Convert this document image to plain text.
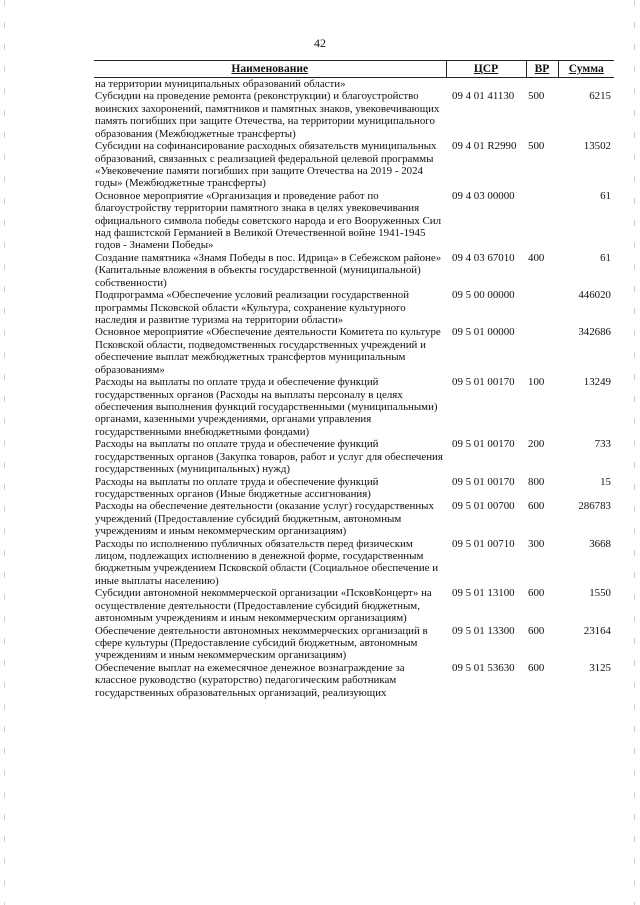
42
Наименование	ЦСР	ВР	Сумма
на территории муниципальных образований области»			
Субсидии на проведение ремонта (реконструкции) и благоустройство воинских захоронений, памятников и памятных знаков, увековечивающих память погибших при защите Отечества, на территории муниципального образования (Межбюджетные трансферты)	09 4 01 41130	500	6215
Субсидии на софинансирование расходных обязательств муниципальных образований, связанных с реализацией федеральной целевой программы «Увековечение памяти погибших при защите Отечества на 2019 - 2024 годы» (Межбюджетные трансферты)	09 4 01 R2990	500	13502
Основное мероприятие «Организация и проведение работ по благоустройству территории памятного знака в целях увековечивания официального символа победы советского народа и его Вооруженных Сил над фашистской Германией в Великой Отечественной войне 1941-1945 годов - Знамени Победы»	09 4 03 00000		61
Создание памятника «Знамя Победы в пос. Идрица» в Себежском районе» (Капитальные вложения в объекты государственной (муниципальной) собственности)	09 4 03 67010	400	61
Подпрограмма «Обеспечение условий реализации государственной программы Псковской области «Культура, сохранение культурного наследия и развитие туризма на территории области»	09 5 00 00000		446020
Основное мероприятие «Обеспечение деятельности Комитета по культуре Псковской области, подведомственных государственных учреждений и обеспечение выплат межбюджетных трансфертов муниципальным образованиям»	09 5 01 00000		342686
Расходы на выплаты по оплате труда и обеспечение функций государственных органов (Расходы на выплаты персоналу в целях обеспечения выполнения функций государственными (муниципальными) органами, казенными учреждениями, органами управления государственными внебюджетными фондами)	09 5 01 00170	100	13249
Расходы на выплаты по оплате труда и обеспечение функций государственных органов (Закупка товаров, работ и услуг для обеспечения государственных (муниципальных) нужд)	09 5 01 00170	200	733
Расходы на выплаты по оплате труда и обеспечение функций государственных органов (Иные бюджетные ассигнования)	09 5 01 00170	800	15
Расходы на обеспечение деятельности (оказание услуг) государственных учреждений (Предоставление субсидий бюджетным, автономным учреждениям и иным некоммерческим организациям)	09 5 01 00700	600	286783
Расходы по исполнению публичных обязательств перед физическим лицом, подлежащих исполнению в денежной форме, государственным бюджетным учреждением Псковской области (Социальное обеспечение и иные выплаты населению)	09 5 01 00710	300	3668
Субсидии автономной некоммерческой организации «ПсковКонцерт» на осуществление деятельности (Предоставление субсидий бюджетным, автономным учреждениям и иным некоммерческим организациям)	09 5 01 13100	600	1550
Обеспечение деятельности автономных некоммерческих организаций в сфере культуры (Предоставление субсидий бюджетным, автономным учреждениям и иным некоммерческим организациям)	09 5 01 13300	600	23164
Обеспечение выплат на ежемесячное денежное вознаграждение за классное руководство (кураторство) педагогическим работникам государственных образовательных организаций, реализующих	09 5 01 53630	600	3125
